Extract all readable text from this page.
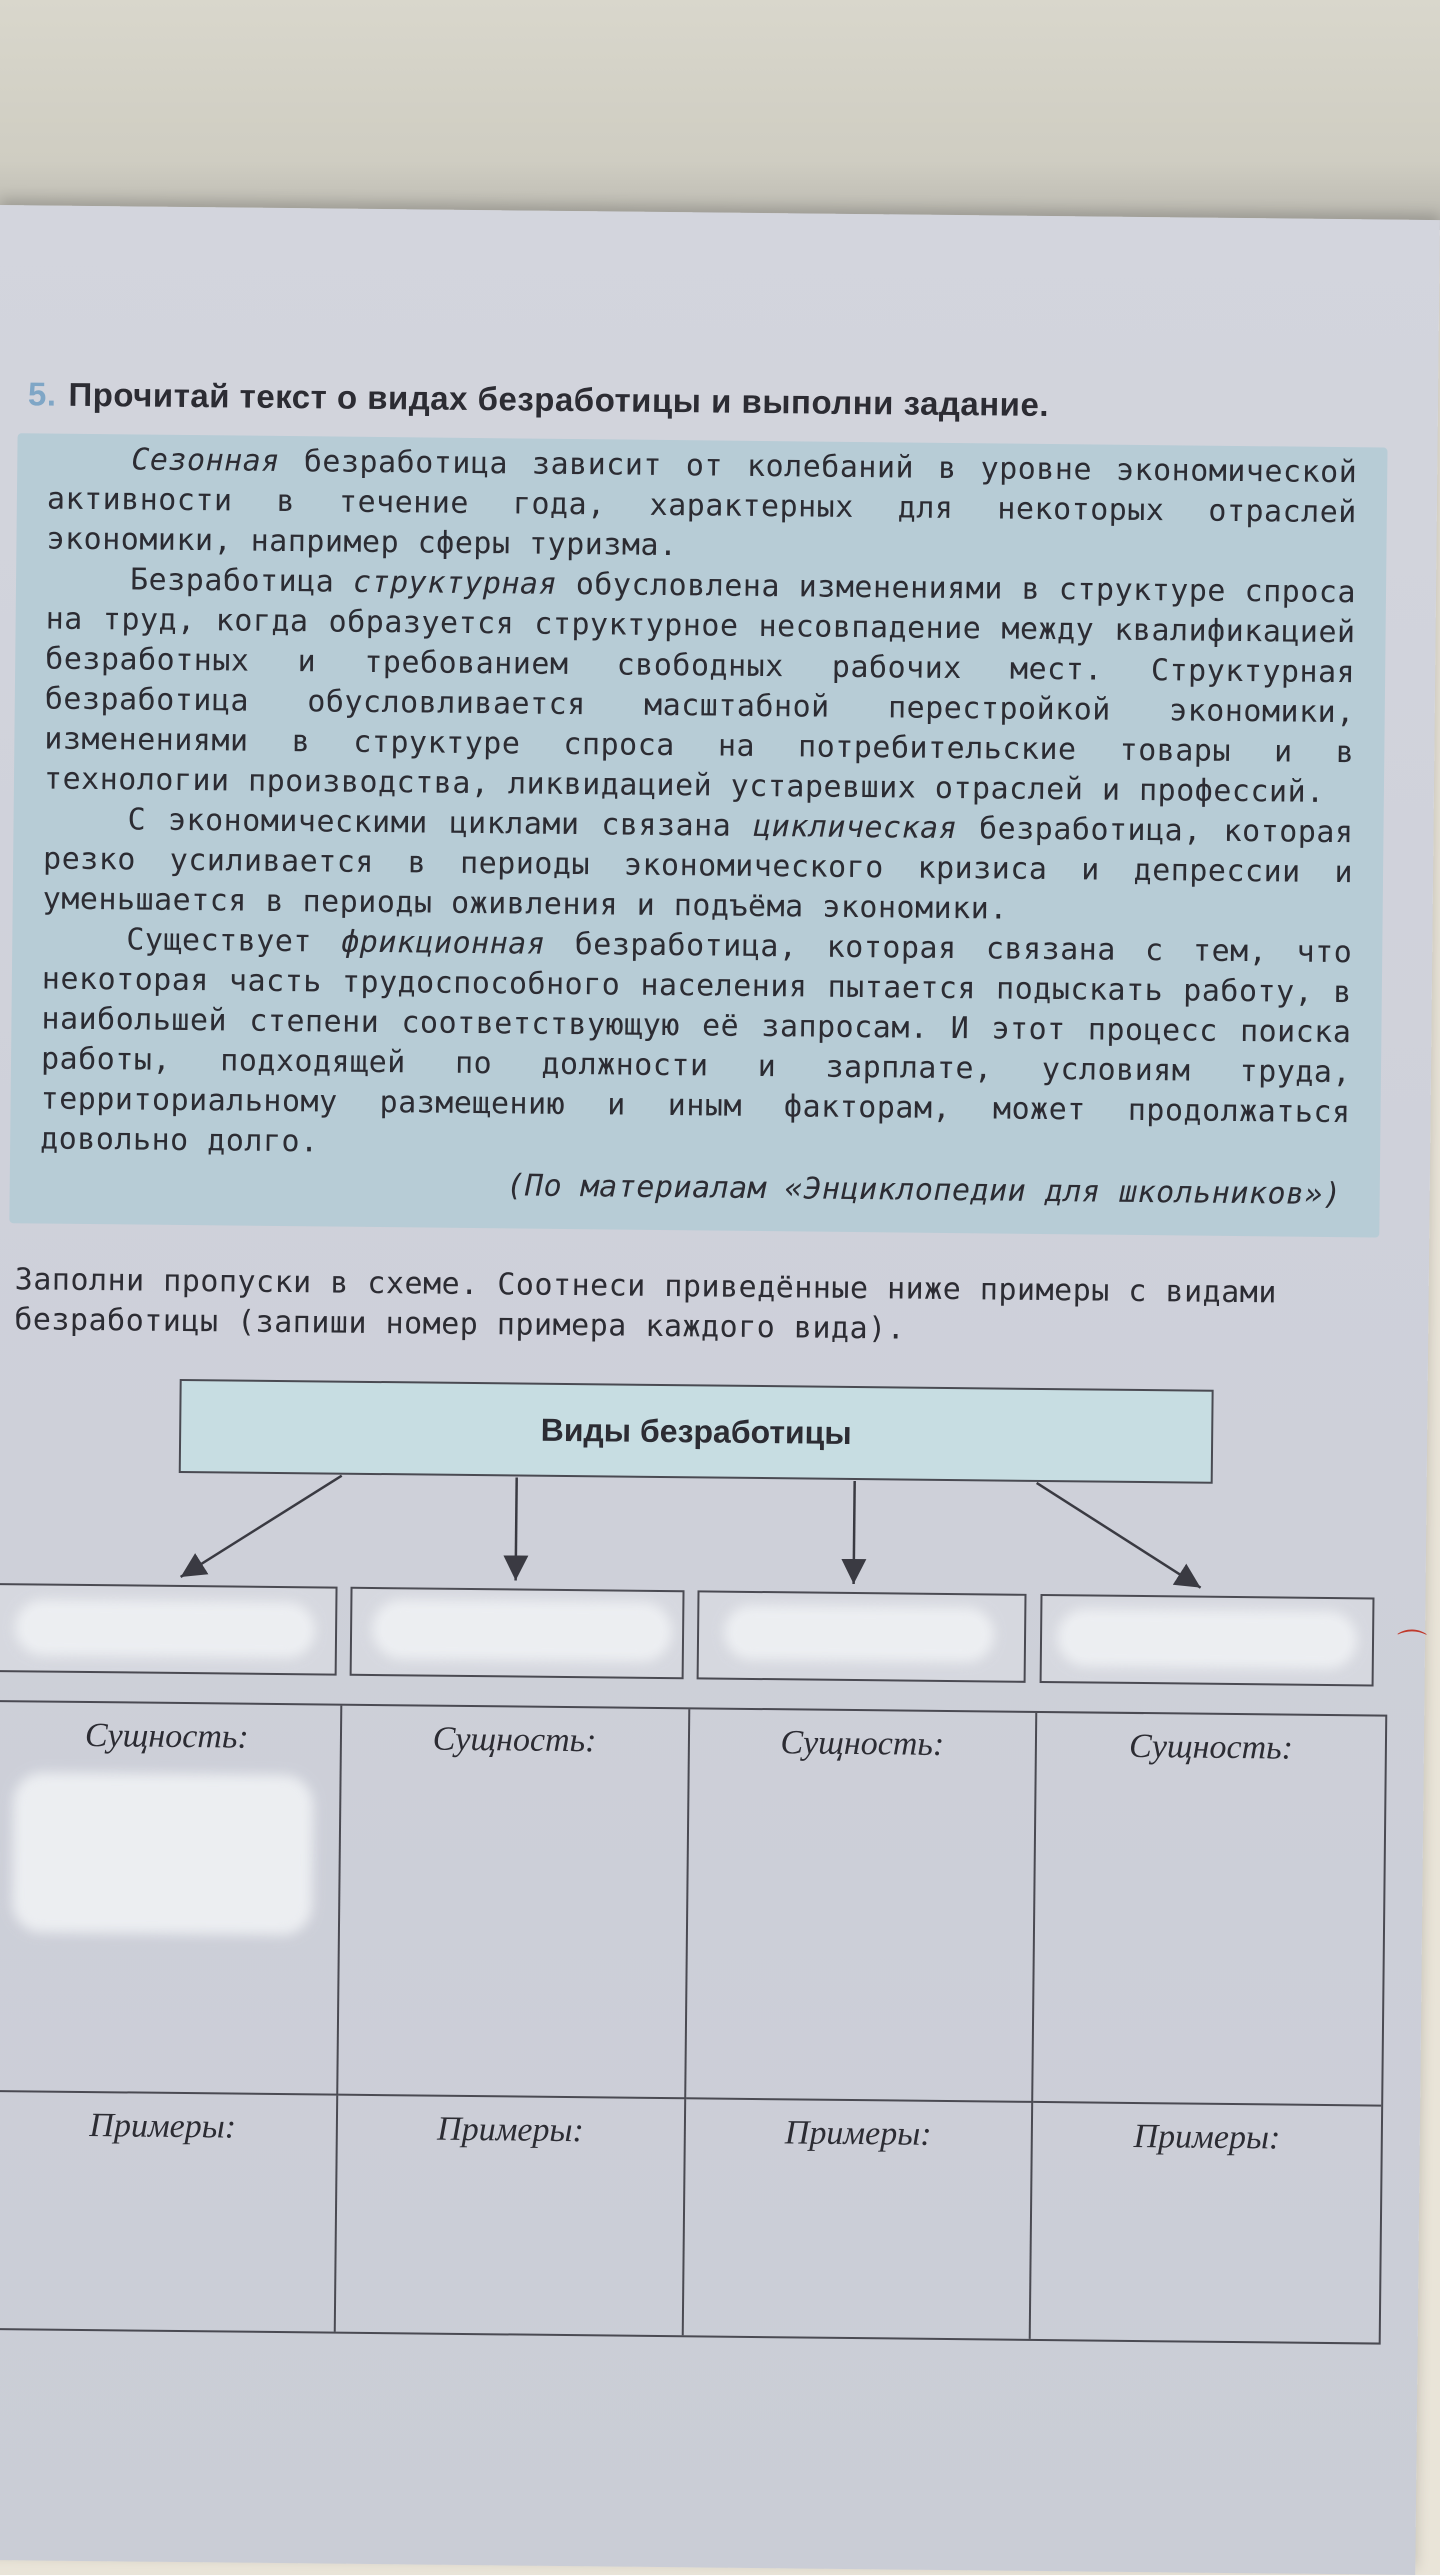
5. Прочитай текст о видах безработицы и выполни задание.

Сезонная безработица зависит от колебаний в уровне экономической активности в течение года, характерных для некоторых отраслей экономики, например сферы туризма.

Безработица структурная обусловлена изменениями в структуре спроса на труд, когда образуется структурное несовпадение между квалификацией безработных и требованием свободных рабочих мест. Структурная безработица обусловливается масштабной перестройкой экономики, изменениями в структуре спроса на потребительские товары и в технологии производства, ликвидацией устаревших отраслей и профессий.

С экономическими циклами связана циклическая безработица, которая резко усиливается в периоды экономического кризиса и депрессии и уменьшается в периоды оживления и подъёма экономики.

Существует фрикционная безработица, которая связана с тем, что некоторая часть трудоспособного населения пытается подыскать работу, в наибольшей степени соответствующую её запросам. И этот процесс поиска работы, подходящей по должности и зарплате, условиям труда, территориальному размещению и иным факторам, может продолжаться довольно долго.

(По материалам «Энциклопедии для школьников»)
Заполни пропуски в схеме. Соотнеси приведённые ниже примеры с видами безработицы (запиши номер примера каждого вида).
Виды безработицы
⌒
Сущность:	Сущность:	Сущность:	Сущность:
Примеры:	Примеры:	Примеры:	Примеры:
